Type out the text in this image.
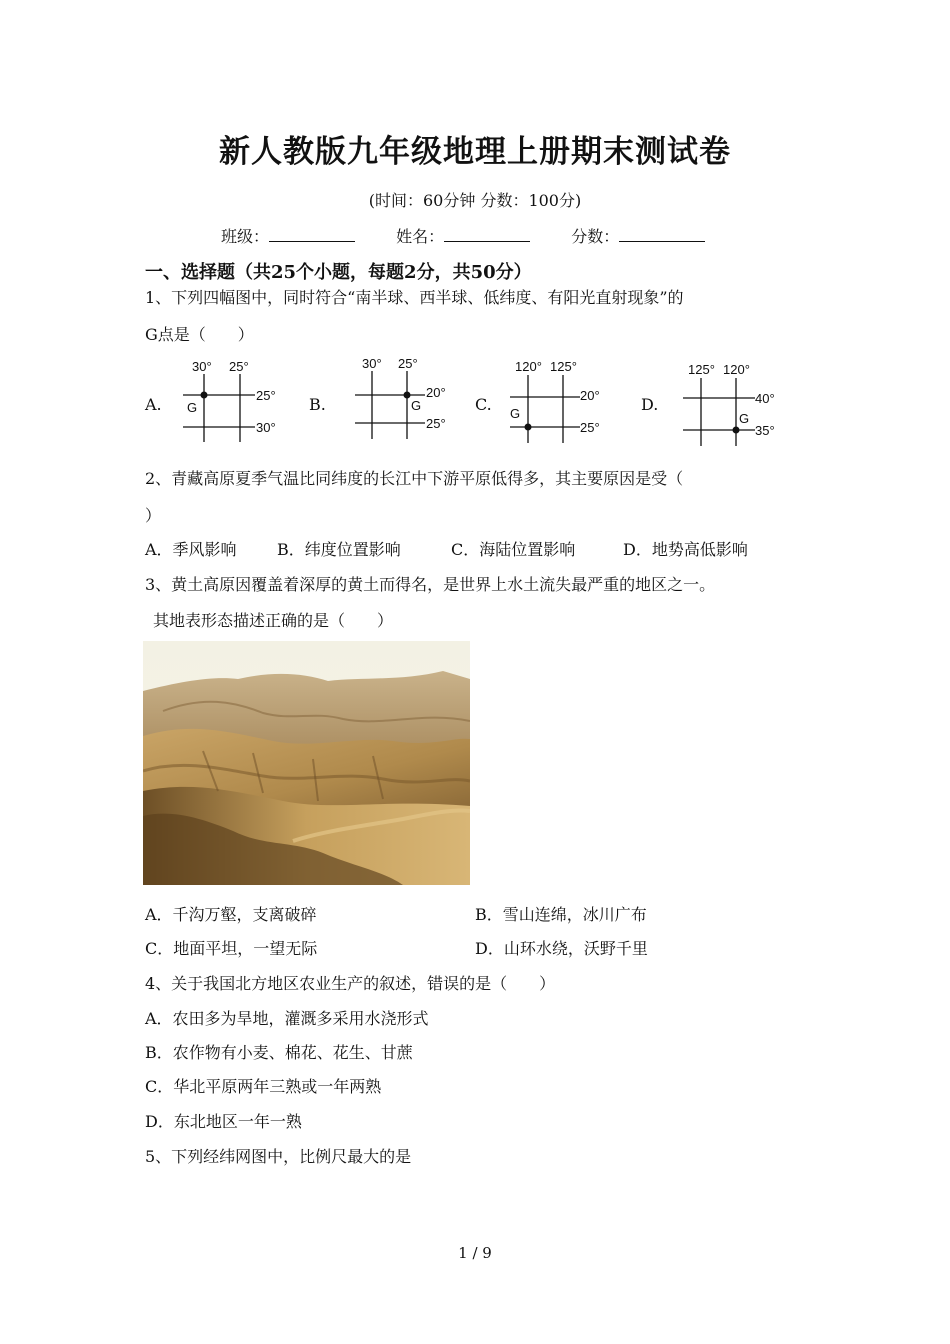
新人教版九年级地理上册期末测试卷
(时间：60分钟 分数：100分)
班级：	姓名：	分数：
一、选择题（共25个小题，每题2分，共50分）
1、下列四幅图中，同时符合“南半球、西半球、低纬度、有阳光直射现象”的
G点是（　　）
A.
30° 25°
25°
30°
G	B.
30° 25°
20°
25°
G	C.
120° 125°
20°
25°
G	D.
125° 120°
40°
35°
G
2、青藏高原夏季气温比同纬度的长江中下游平原低得多，其主要原因是受（
）
A．季风影响	B．纬度位置影响	C．海陆位置影响	D．地势高低影响
3、黄土高原因覆盖着深厚的黄土而得名，是世界上水土流失最严重的地区之一。
其地表形态描述正确的是（　　）
A．千沟万壑，支离破碎	B．雪山连绵，冰川广布
C．地面平坦，一望无际	D．山环水绕，沃野千里
4、关于我国北方地区农业生产的叙述，错误的是（　　）
A．农田多为旱地，灌溉多采用水浇形式
B．农作物有小麦、棉花、花生、甘蔗
C．华北平原两年三熟或一年两熟
D．东北地区一年一熟
5、下列经纬网图中，比例尺最大的是
1 / 9
